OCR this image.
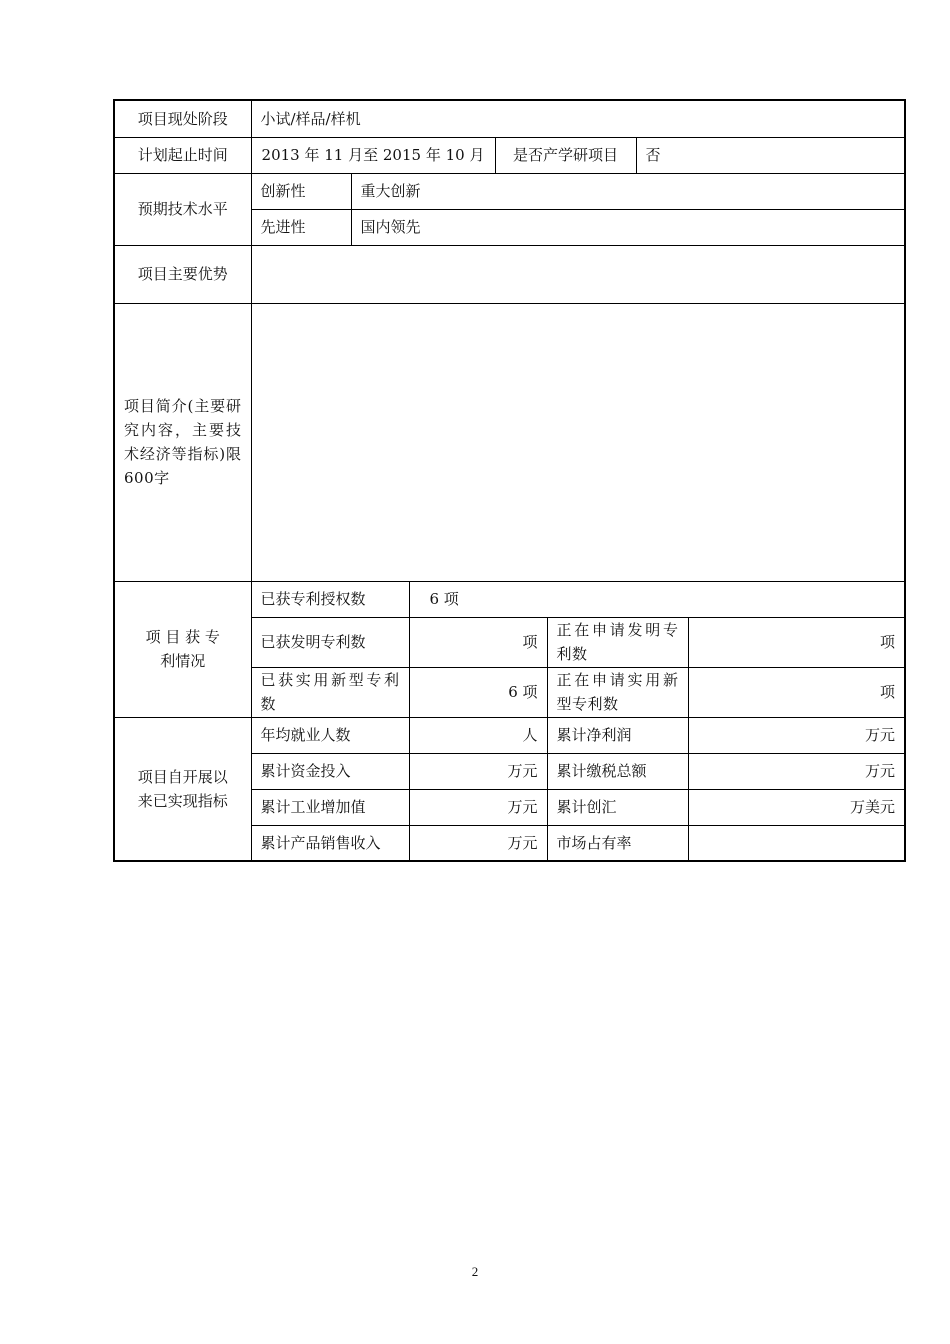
项目现处阶段	小试/样品/样机						
计划起止时间	2013 年 11 月至 2015 年 10 月			是否产学研项目		否	
预期技术水平	创新性	重大创新					
	先进性	国内领先					
项目主要优势							
项目简介(主要研究内容，主要技术经济等指标)限600字							
项 目 获 专利情况	已获专利授权数		6 项				
	已获发明专利数		项		正在申请发明专利数		项
	已获实用新型专利数		6 项		正在申请实用新型专利数		项
项目自开展以来已实现指标	年均就业人数		人		累计净利润		万元
	累计资金投入		万元		累计缴税总额		万元
	累计工业增加值		万元		累计创汇		万美元
	累计产品销售收入		万元		市场占有率		
2
